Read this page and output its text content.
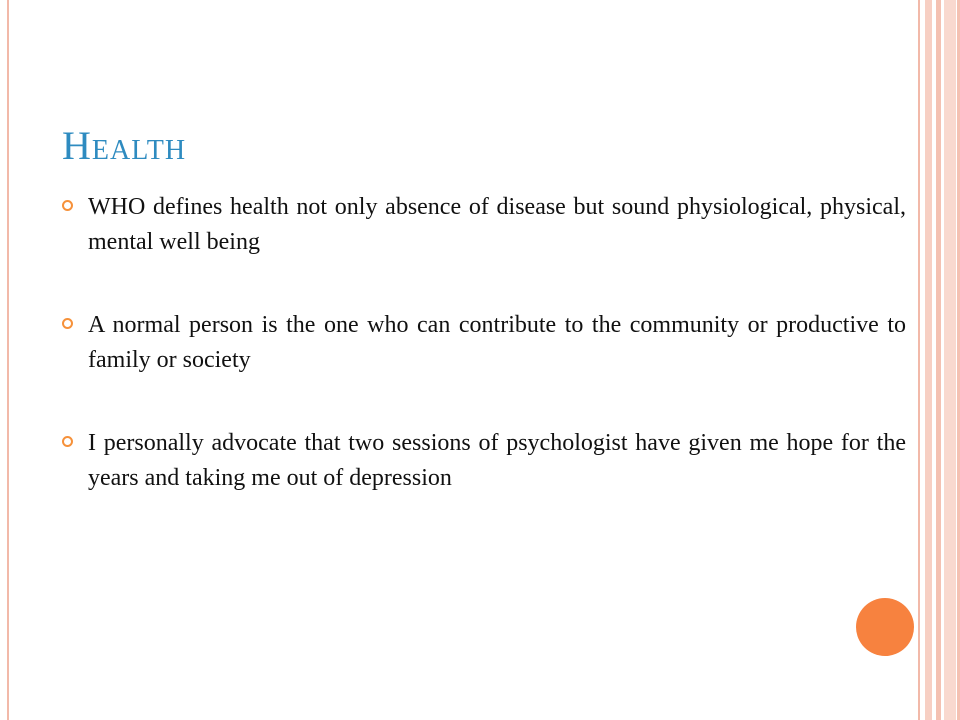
Health
WHO defines health not only absence of disease but sound physiological, physical, mental well being
A normal person is the one who can contribute to the community or productive to family or society
I personally advocate that two sessions of psychologist have given me hope for the years and taking me out of depression
